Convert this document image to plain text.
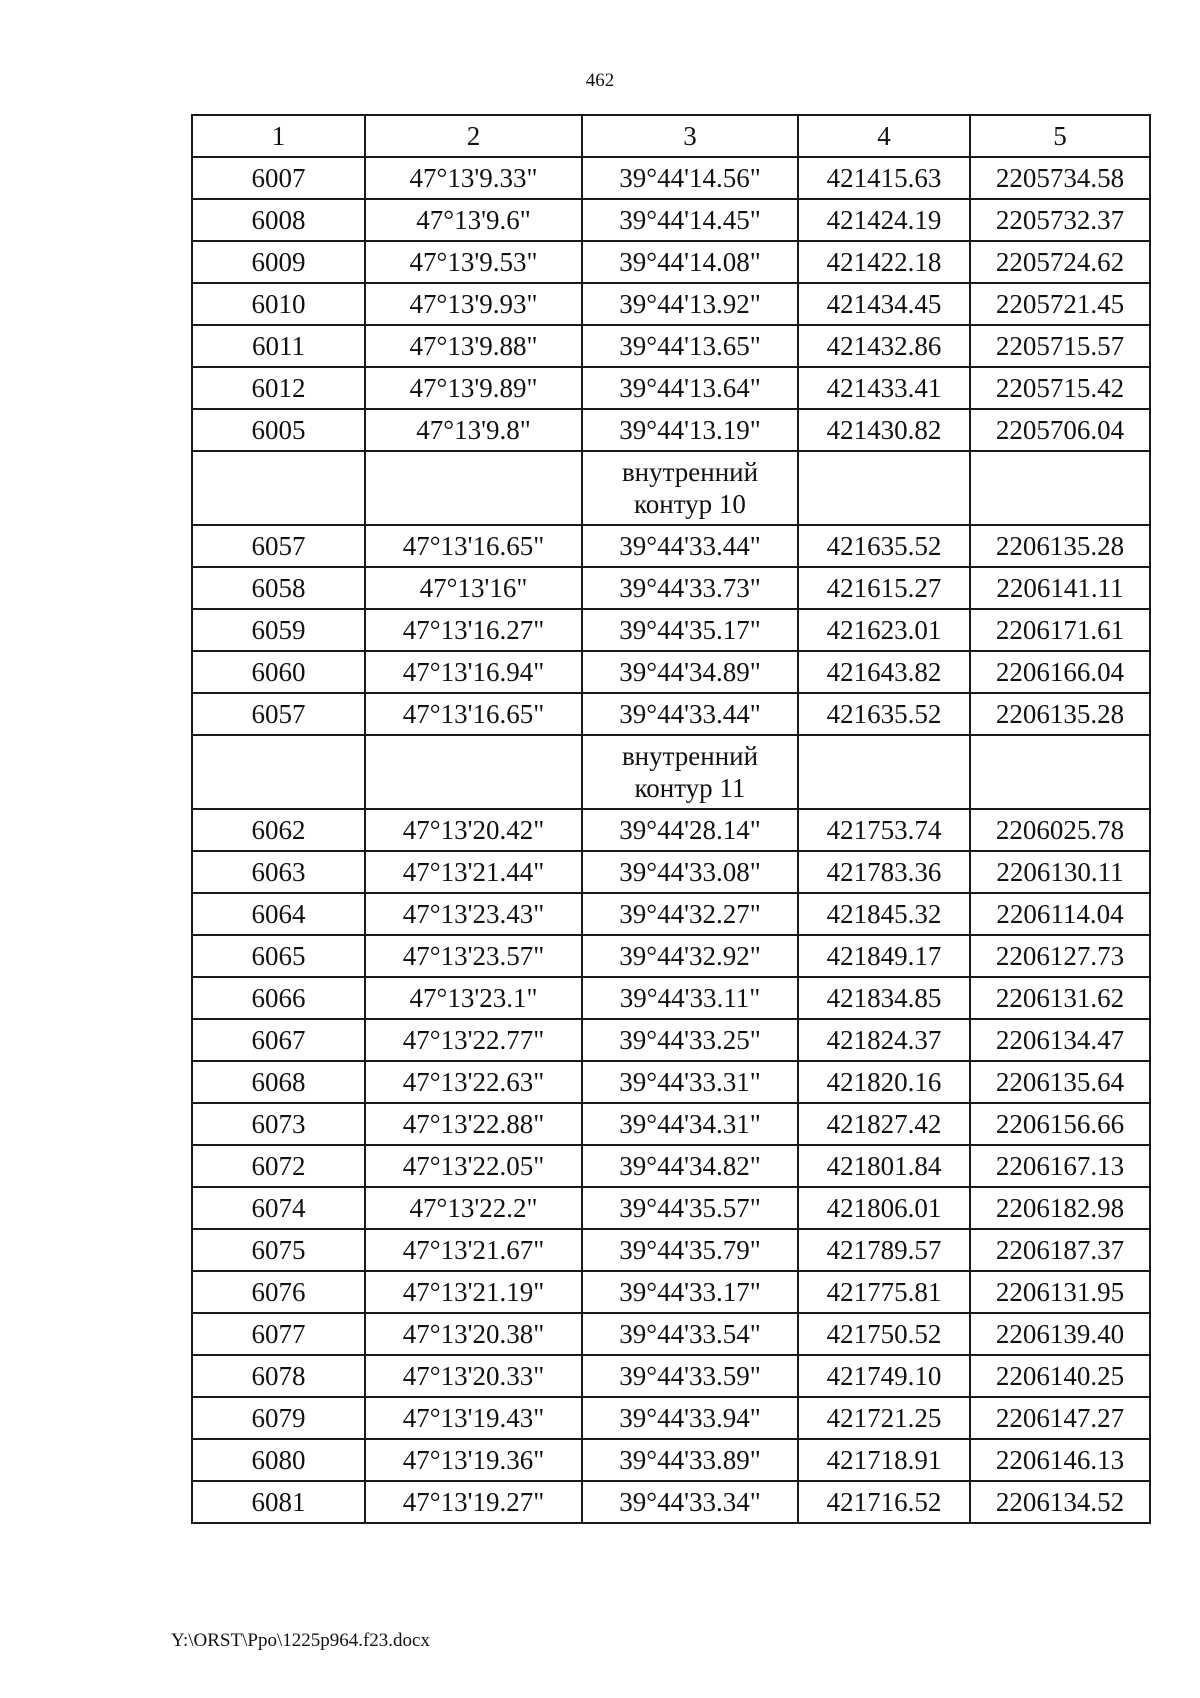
462
1	2	3	4	5
6007	47°13'9.33"	39°44'14.56"	421415.63	2205734.58
6008	47°13'9.6"	39°44'14.45"	421424.19	2205732.37
6009	47°13'9.53"	39°44'14.08"	421422.18	2205724.62
6010	47°13'9.93"	39°44'13.92"	421434.45	2205721.45
6011	47°13'9.88"	39°44'13.65"	421432.86	2205715.57
6012	47°13'9.89"	39°44'13.64"	421433.41	2205715.42
6005	47°13'9.8"	39°44'13.19"	421430.82	2205706.04
		внутренний контур 10		
6057	47°13'16.65"	39°44'33.44"	421635.52	2206135.28
6058	47°13'16"	39°44'33.73"	421615.27	2206141.11
6059	47°13'16.27"	39°44'35.17"	421623.01	2206171.61
6060	47°13'16.94"	39°44'34.89"	421643.82	2206166.04
6057	47°13'16.65"	39°44'33.44"	421635.52	2206135.28
		внутренний контур 11		
6062	47°13'20.42"	39°44'28.14"	421753.74	2206025.78
6063	47°13'21.44"	39°44'33.08"	421783.36	2206130.11
6064	47°13'23.43"	39°44'32.27"	421845.32	2206114.04
6065	47°13'23.57"	39°44'32.92"	421849.17	2206127.73
6066	47°13'23.1"	39°44'33.11"	421834.85	2206131.62
6067	47°13'22.77"	39°44'33.25"	421824.37	2206134.47
6068	47°13'22.63"	39°44'33.31"	421820.16	2206135.64
6073	47°13'22.88"	39°44'34.31"	421827.42	2206156.66
6072	47°13'22.05"	39°44'34.82"	421801.84	2206167.13
6074	47°13'22.2"	39°44'35.57"	421806.01	2206182.98
6075	47°13'21.67"	39°44'35.79"	421789.57	2206187.37
6076	47°13'21.19"	39°44'33.17"	421775.81	2206131.95
6077	47°13'20.38"	39°44'33.54"	421750.52	2206139.40
6078	47°13'20.33"	39°44'33.59"	421749.10	2206140.25
6079	47°13'19.43"	39°44'33.94"	421721.25	2206147.27
6080	47°13'19.36"	39°44'33.89"	421718.91	2206146.13
6081	47°13'19.27"	39°44'33.34"	421716.52	2206134.52
Y:\ORST\Ppo\1225p964.f23.docx
